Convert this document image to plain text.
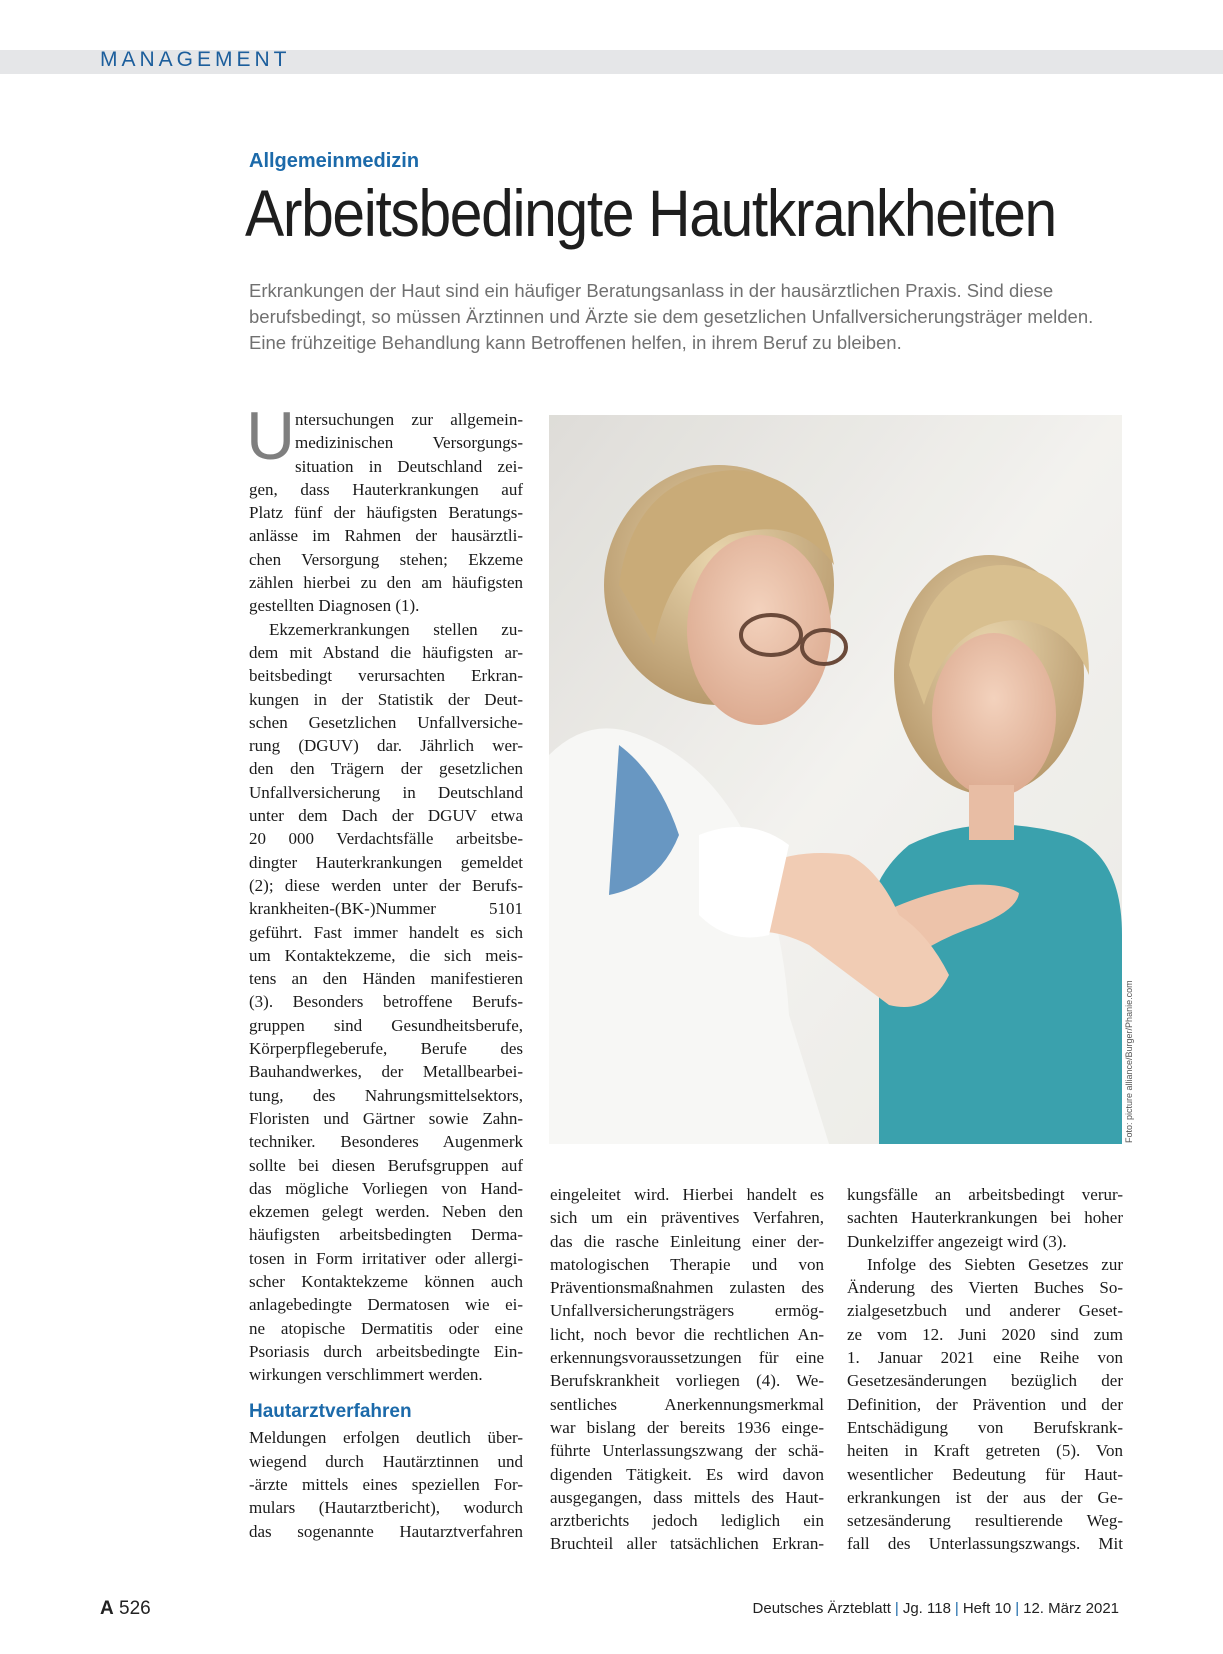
MANAGEMENT
Allgemeinmedizin
Arbeitsbedingte Hautkrankheiten
Erkrankungen der Haut sind ein häufiger Beratungsanlass in der hausärztlichen Praxis. Sind diese
berufsbedingt, so müssen Ärztinnen und Ärzte sie dem gesetzlichen Unfallversicherungsträger melden.
Eine frühzeitige Behandlung kann Betroffenen helfen, in ihrem Beruf zu bleiben.
U ntersuchungen zur allgemein-
medizinischen Versorgungs-
situation in Deutschland zei-
gen, dass Hauterkrankungen auf
Platz fünf der häufigsten Beratungs-
anlässe im Rahmen der hausärztli-
chen Versorgung stehen; Ekzeme
zählen hierbei zu den am häufigsten
gestellten Diagnosen (1).
Ekzemerkrankungen stellen zu-
dem mit Abstand die häufigsten ar-
beitsbedingt verursachten Erkran-
kungen in der Statistik der Deut-
schen Gesetzlichen Unfallversiche-
rung (DGUV) dar. Jährlich wer-
den den Trägern der gesetzlichen
Unfallversicherung in Deutschland
unter dem Dach der DGUV etwa
20 000 Verdachtsfälle arbeitsbe-
dingter Hauterkrankungen gemeldet
(2); diese werden unter der Berufs-
krankheiten-(BK-)Nummer 5101
geführt. Fast immer handelt es sich
um Kontaktekzeme, die sich meis-
tens an den Händen manifestieren
(3). Besonders betroffene Berufs-
gruppen sind Gesundheitsberufe,
Körperpflegeberufe, Berufe des
Bauhandwerkes, der Metallbearbei-
tung, des Nahrungsmittelsektors,
Floristen und Gärtner sowie Zahn-
techniker. Besonderes Augenmerk
sollte bei diesen Berufsgruppen auf
das mögliche Vorliegen von Hand-
ekzemen gelegt werden. Neben den
häufigsten arbeitsbedingten Derma-
tosen in Form irritativer oder allergi-
scher Kontaktekzeme können auch
anlagebedingte Dermatosen wie ei-
ne atopische Dermatitis oder eine
Psoriasis durch arbeitsbedingte Ein-
wirkungen verschlimmert werden.
Hautarztverfahren
Meldungen erfolgen deutlich über-
wiegend durch Hautärztinnen und
-ärzte mittels eines speziellen For-
mulars (Hautarztbericht), wodurch
das sogenannte Hautarztverfahren
Foto: picture alliance/Burger/Phanie.com
eingeleitet wird. Hierbei handelt es
sich um ein präventives Verfahren,
das die rasche Einleitung einer der-
matologischen Therapie und von
Präventionsmaßnahmen zulasten des
Unfallversicherungsträgers ermög-
licht, noch bevor die rechtlichen An-
erkennungsvoraussetzungen für eine
Berufskrankheit vorliegen (4). We-
sentliches Anerkennungsmerkmal
war bislang der bereits 1936 einge-
führte Unterlassungszwang der schä-
digenden Tätigkeit. Es wird davon
ausgegangen, dass mittels des Haut-
arztberichts jedoch lediglich ein
Bruchteil aller tatsächlichen Erkran-
kungsfälle an arbeitsbedingt verur-
sachten Hauterkrankungen bei hoher
Dunkelziffer angezeigt wird (3).
Infolge des Siebten Gesetzes zur
Änderung des Vierten Buches So-
zialgesetzbuch und anderer Geset-
ze vom 12. Juni 2020 sind zum
1. Januar 2021 eine Reihe von
Gesetzesänderungen bezüglich der
Definition, der Prävention und der
Entschädigung von Berufskrank-
heiten in Kraft getreten (5). Von
wesentlicher Bedeutung für Haut-
erkrankungen ist der aus der Ge-
setzesänderung resultierende Weg-
fall des Unterlassungszwangs. Mit
A 526	Deutsches Ärzteblatt | Jg. 118 | Heft 10 | 12. März 2021
